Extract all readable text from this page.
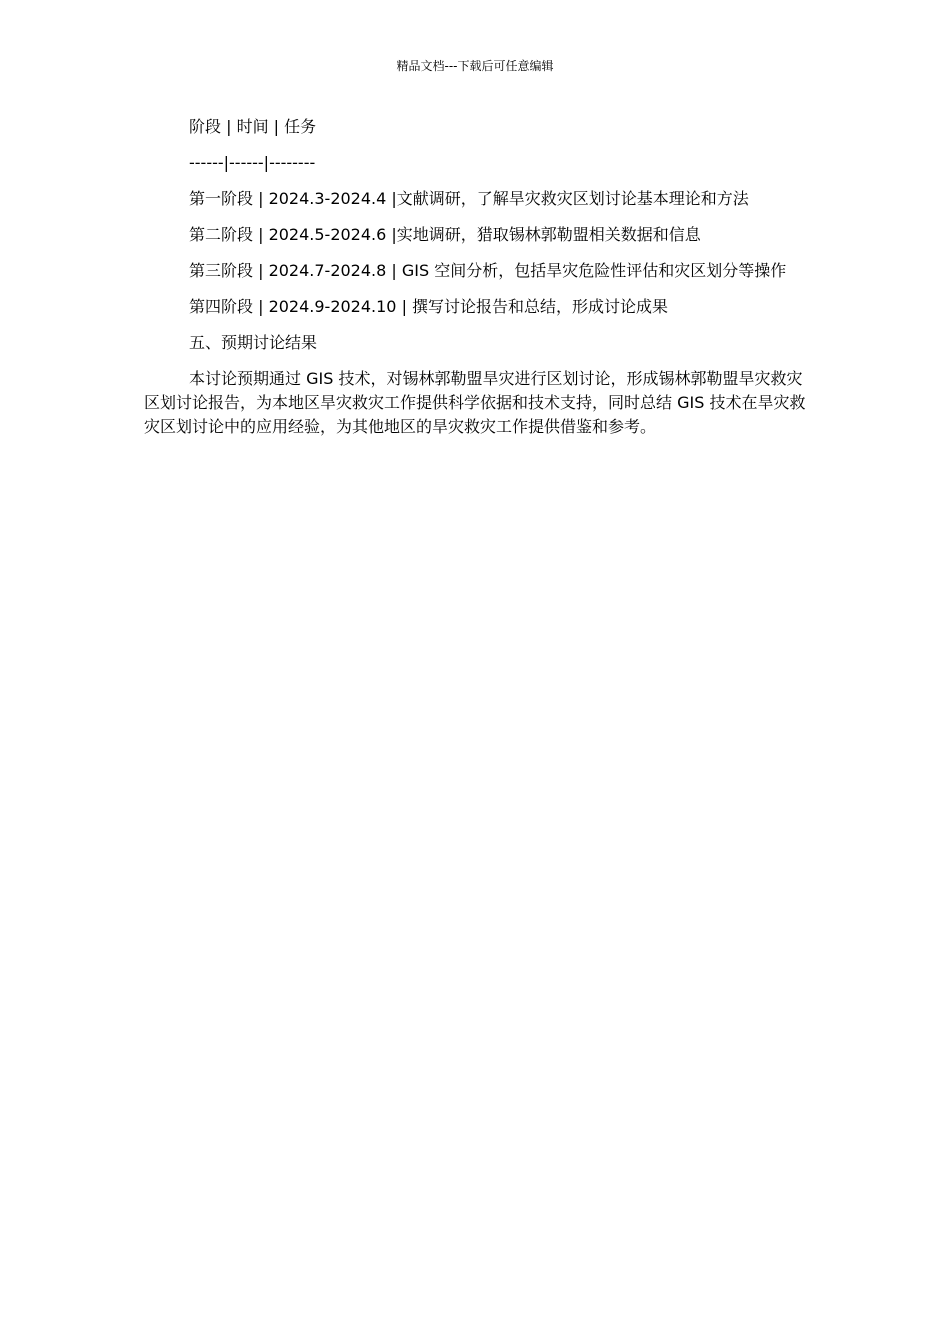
精品文档---下载后可任意编辑

阶段 | 时间 | 任务

------|------|--------

第一阶段 | 2024.3-2024.4 |文献调研，了解旱灾救灾区划讨论基本理论和方法

第二阶段 | 2024.5-2024.6 |实地调研，猎取锡林郭勒盟相关数据和信息

第三阶段 | 2024.7-2024.8 | GIS 空间分析，包括旱灾危险性评估和灾区划分等操作

第四阶段 | 2024.9-2024.10 | 撰写讨论报告和总结，形成讨论成果

五、预期讨论结果

本讨论预期通过 GIS 技术，对锡林郭勒盟旱灾进行区划讨论，形成锡林郭勒盟旱灾救灾区划讨论报告，为本地区旱灾救灾工作提供科学依据和技术支持，同时总结 GIS 技术在旱灾救灾区划讨论中的应用经验，为其他地区的旱灾救灾工作提供借鉴和参考。
